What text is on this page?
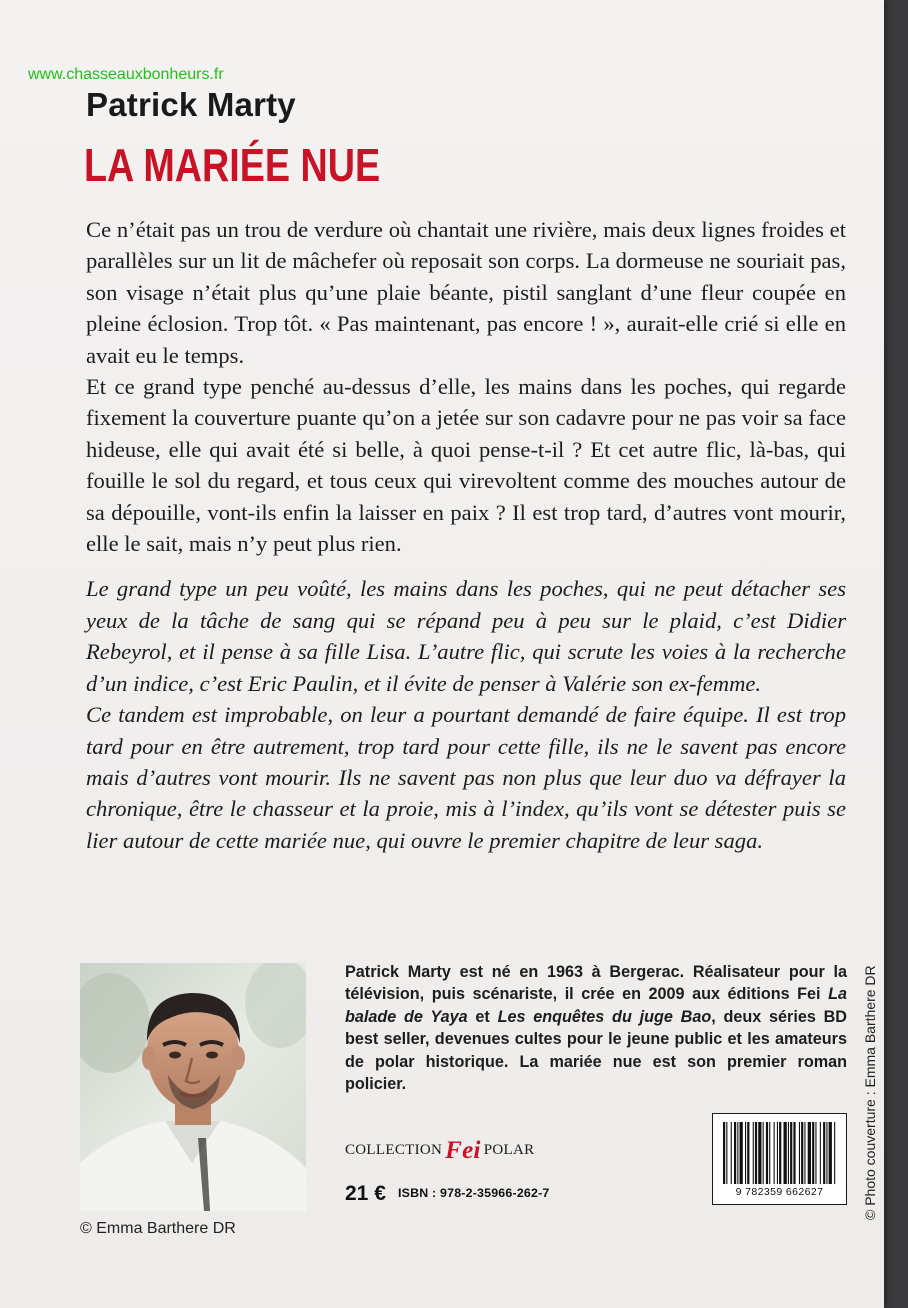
www.chasseauxbonheurs.fr
Patrick Marty
LA MARIÉE NUE

Ce n’était pas un trou de verdure où chantait une rivière, mais deux lignes froides et parallèles sur un lit de mâchefer où reposait son corps. La dormeuse ne souriait pas, son visage n’était plus qu’une plaie béante, pistil sanglant d’une fleur coupée en pleine éclosion. Trop tôt. « Pas maintenant, pas encore ! », aurait-elle crié si elle en avait eu le temps.

Et ce grand type penché au-dessus d’elle, les mains dans les poches, qui regarde fixement la couverture puante qu’on a jetée sur son cadavre pour ne pas voir sa face hideuse, elle qui avait été si belle, à quoi pense-t-il ? Et cet autre flic, là-bas, qui fouille le sol du regard, et tous ceux qui virevoltent comme des mouches autour de sa dépouille, vont-ils enfin la laisser en paix ? Il est trop tard, d’autres vont mourir, elle le sait, mais n’y peut plus rien.

Le grand type un peu voûté, les mains dans les poches, qui ne peut détacher ses yeux de la tâche de sang qui se répand peu à peu sur le plaid, c’est Didier Rebeyrol, et il pense à sa fille Lisa. L’autre flic, qui scrute les voies à la recherche d’un indice, c’est Eric Paulin, et il évite de penser à Valérie son ex-femme.

Ce tandem est improbable, on leur a pourtant demandé de faire équipe. Il est trop tard pour en être autrement, trop tard pour cette fille, ils ne le savent pas encore mais d’autres vont mourir. Ils ne savent pas non plus que leur duo va défrayer la chronique, être le chasseur et la proie, mis à l’index, qu’ils vont se détester puis se lier autour de cette mariée nue, qui ouvre le premier chapitre de leur saga.

© Emma Barthere DR

Patrick Marty est né en 1963 à Bergerac. Réalisateur pour la télévision, puis scénariste, il crée en 2009 aux éditions Fei La balade de Yaya et Les enquêtes du juge Bao, deux séries BD best seller, devenues cultes pour le jeune public et les amateurs de polar historique. La mariée nue est son premier roman policier.

COLLECTION Fei POLAR
21 € ISBN : 978-2-35966-262-7	9 782359 662627	© Photo couverture : Emma Barthere DR
